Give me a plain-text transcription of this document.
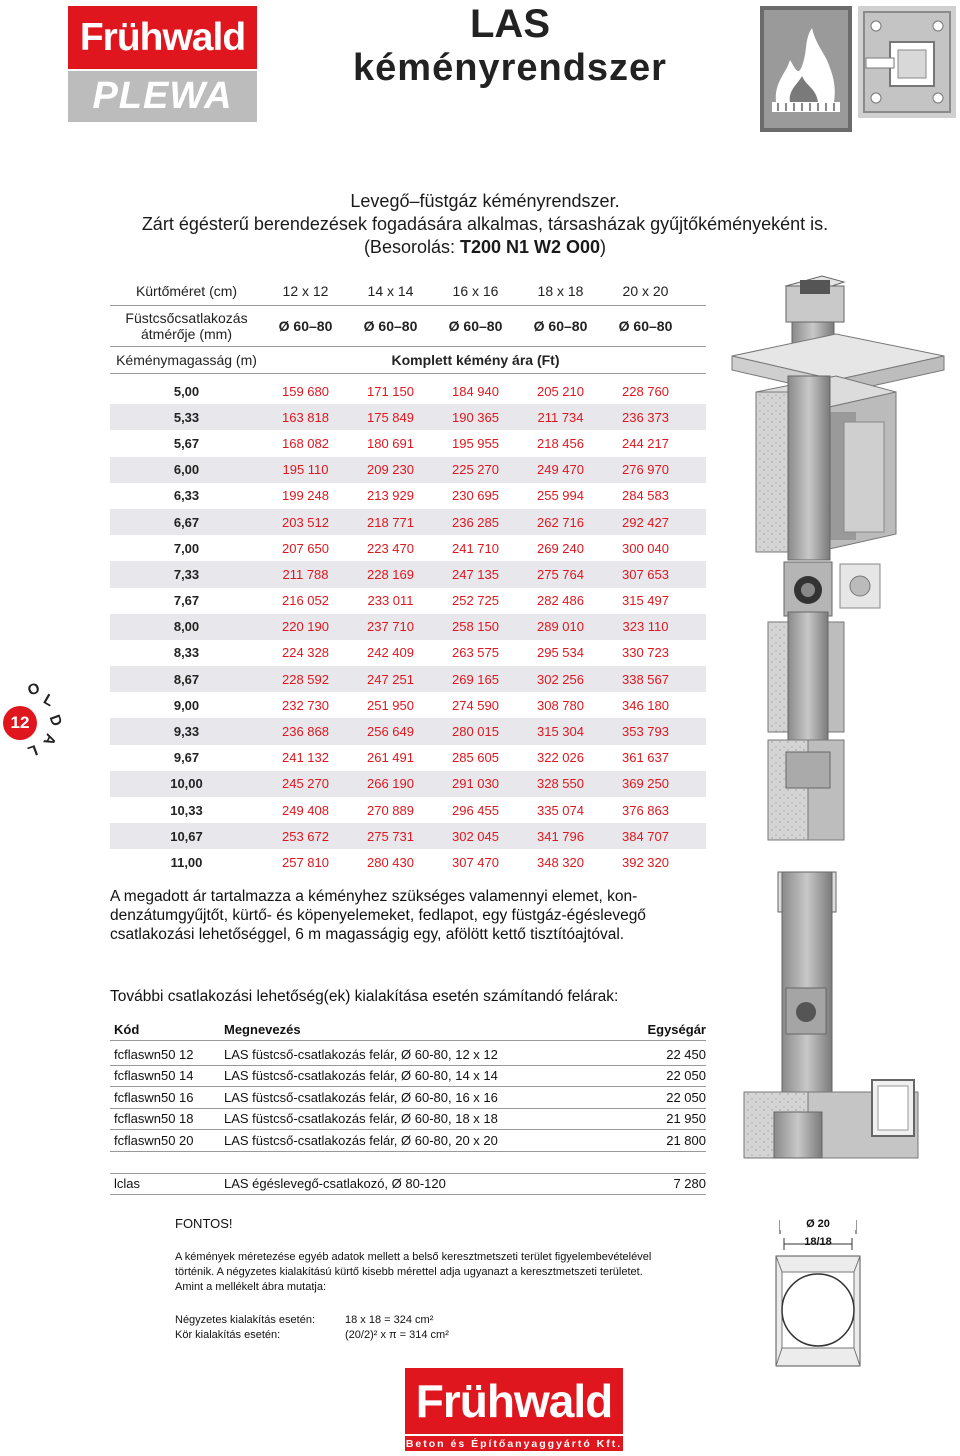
Frühwald
PLEWA
LAS
kéményrendszer
Levegő–füstgáz kéményrendszer.
Zárt égésterű berendezések fogadására alkalmas, társasházak gyűjtőkéményeként is.
(Besorolás: T200 N1 W2 O00)
Kürtőméret (cm)	12 x 12	14 x 14	16 x 16	18 x 18	20 x 20
Füstcsőcsatlakozás
átmérője (mm)	Ø 60–80	Ø 60–80	Ø 60–80	Ø 60–80	Ø 60–80
Kéménymagasság (m)	Komplett kémény ára (Ft)
5,00	159 680	171 150	184 940	205 210	228 760
5,33	163 818	175 849	190 365	211 734	236 373
5,67	168 082	180 691	195 955	218 456	244 217
6,00	195 110	209 230	225 270	249 470	276 970
6,33	199 248	213 929	230 695	255 994	284 583
6,67	203 512	218 771	236 285	262 716	292 427
7,00	207 650	223 470	241 710	269 240	300 040
7,33	211 788	228 169	247 135	275 764	307 653
7,67	216 052	233 011	252 725	282 486	315 497
8,00	220 190	237 710	258 150	289 010	323 110
8,33	224 328	242 409	263 575	295 534	330 723
8,67	228 592	247 251	269 165	302 256	338 567
9,00	232 730	251 950	274 590	308 780	346 180
9,33	236 868	256 649	280 015	315 304	353 793
9,67	241 132	261 491	285 605	322 026	361 637
10,00	245 270	266 190	291 030	328 550	369 250
10,33	249 408	270 889	296 455	335 074	376 863
10,67	253 672	275 731	302 045	341 796	384 707
11,00	257 810	280 430	307 470	348 320	392 320
12
O
L
D
A
L
A megadott ár tartalmazza a kéményhez szükséges valamennyi elemet, kon-
denzátumgyűjtőt, kürtő- és köpenyelemeket, fedlapot, egy füstgáz-égéslevegő
csatlakozási lehetőséggel, 6 m magasságig egy, afölött kettő tisztítóajtóval.
További csatlakozási lehetőség(ek) kialakítása esetén számítandó felárak:
Kód	Megnevezés	Egységár
fcflaswn50 12	LAS füstcső-csatlakozás felár, Ø 60-80, 12 x 12	22 450
fcflaswn50 14	LAS füstcső-csatlakozás felár, Ø 60-80, 14 x 14	22 050
fcflaswn50 16	LAS füstcső-csatlakozás felár, Ø 60-80, 16 x 16	22 050
fcflaswn50 18	LAS füstcső-csatlakozás felár, Ø 60-80, 18 x 18	21 950
fcflaswn50 20	LAS füstcső-csatlakozás felár, Ø 60-80, 20 x 20	21 800
lclas	LAS égéslevegő-csatlakozó, Ø 80-120	7 280
FONTOS!
A kémények méretezése egyéb adatok mellett a belső keresztmetszeti terület figyelembevételével
történik. A négyzetes kialakítású kürtő kisebb mérettel adja ugyanazt a keresztmetszeti területet.
Amint a mellékelt ábra mutatja:
Négyzetes kialakítás esetén:	18 x 18 = 324 cm²
Kör kialakítás esetén:	(20/2)² x π = 314 cm²
Ø 20
18/18
Frühwald
Beton és Építőanyaggyártó Kft.
